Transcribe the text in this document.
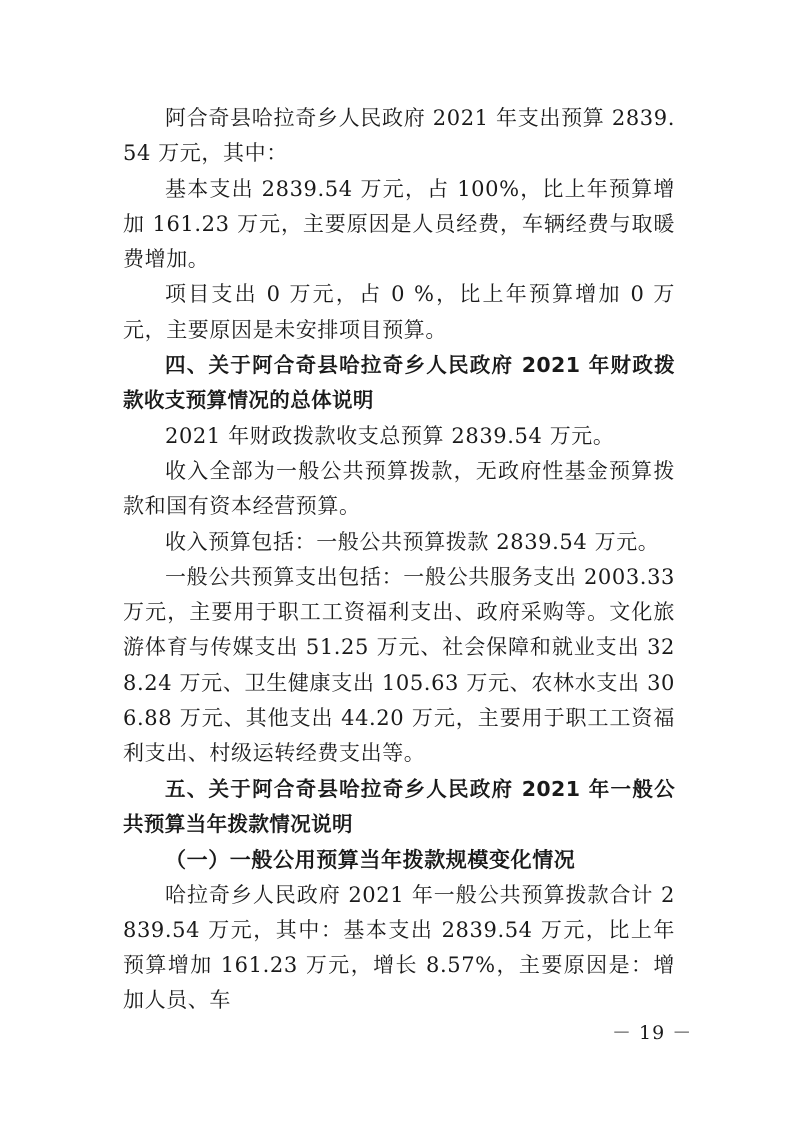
阿合奇县哈拉奇乡人民政府 2021 年支出预算 2839.54 万元，其中：

基本支出 2839.54 万元，占 100%，比上年预算增加 161.23 万元，主要原因是人员经费，车辆经费与取暖费增加。

项目支出 0 万元，占 0 %，比上年预算增加 0 万元，主要原因是未安排项目预算。

四、关于阿合奇县哈拉奇乡人民政府 2021 年财政拨款收支预算情况的总体说明

2021 年财政拨款收支总预算 2839.54 万元。

收入全部为一般公共预算拨款，无政府性基金预算拨款和国有资本经营预算。

收入预算包括：一般公共预算拨款 2839.54 万元。

一般公共预算支出包括：一般公共服务支出 2003.33 万元，主要用于职工工资福利支出、政府采购等。文化旅游体育与传媒支出 51.25 万元、社会保障和就业支出 328.24 万元、卫生健康支出 105.63 万元、农林水支出 306.88 万元、其他支出 44.20 万元，主要用于职工工资福利支出、村级运转经费支出等。

五、关于阿合奇县哈拉奇乡人民政府 2021 年一般公共预算当年拨款情况说明

（一）一般公用预算当年拨款规模变化情况

哈拉奇乡人民政府 2021 年一般公共预算拨款合计 2839.54 万元，其中：基本支出 2839.54 万元，比上年预算增加 161.23 万元，增长 8.57%，主要原因是：增加人员、车

－ 19 －
